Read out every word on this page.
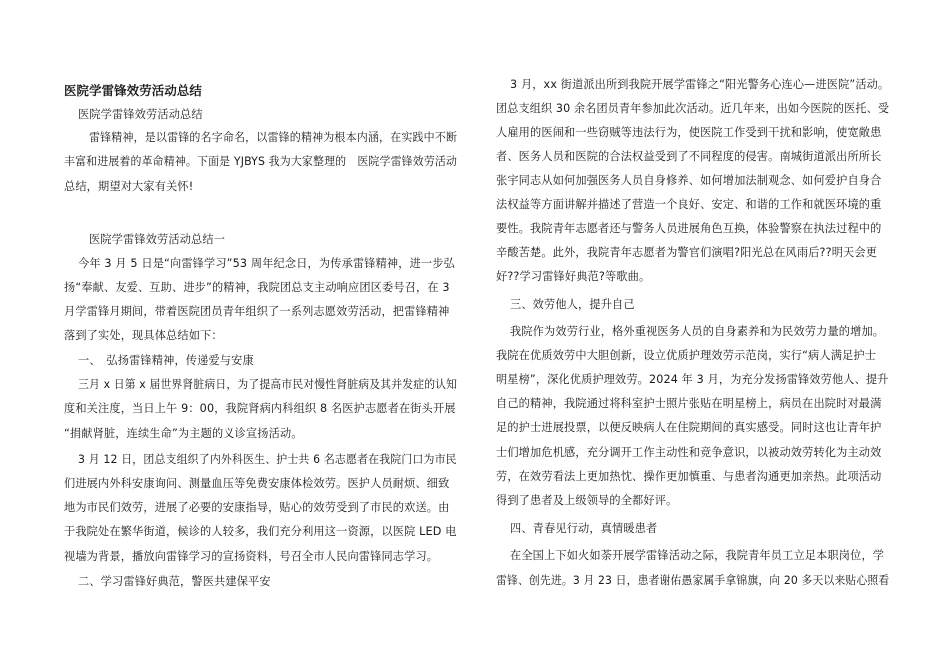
医院学雷锋效劳活动总结
医院学雷锋效劳活动总结
雷锋精神，是以雷锋的名字命名，以雷锋的精神为根本内涵，在实践中不断
丰富和进展着的革命精神。下面是 YJBYS 我为大家整理的　医院学雷锋效劳活动
总结，期望对大家有关怀!
医院学雷锋效劳活动总结一
今年 3 月 5 日是“向雷锋学习”53 周年纪念日，为传承雷锋精神，进一步弘
扬“奉献、友爱、互助、进步”的精神，我院团总支主动响应团区委号召，在 3
月学雷锋月期间，带着医院团员青年组织了一系列志愿效劳活动，把雷锋精神
落到了实处，现具体总结如下：
一、　弘扬雷锋精神，传递爱与安康
三月 x 日第 x 届世界肾脏病日，为了提高市民对慢性肾脏病及其并发症的认知
度和关注度，当日上午 9：00，我院肾病内科组织 8 名医护志愿者在街头开展
“捐献肾脏，连续生命”为主题的义诊宣扬活动。
3 月 12 日，团总支组织了内外科医生、护士共 6 名志愿者在我院门口为市民
们进展内外科安康询问、测量血压等免费安康体检效劳。医护人员耐烦、细致
地为市民们效劳，进展了必要的安康指导，贴心的效劳受到了市民的欢送。由
于我院处在繁华街道，候诊的人较多，我们充分利用这一资源，以医院 LED 电
视墙为背景，播放向雷锋学习的宣扬资料，号召全市人民向雷锋同志学习。
二、学习雷锋好典范，警医共建保平安
3 月，xx 街道派出所到我院开展学雷锋之“阳光警务心连心—进医院”活动。
团总支组织 30 余名团员青年参加此次活动。近几年来，出如今医院的医托、受
人雇用的医闹和一些窃贼等违法行为，使医院工作受到干扰和影响，使宽敞患
者、医务人员和医院的合法权益受到了不同程度的侵害。南城街道派出所所长
张宇同志从如何加强医务人员自身修养、如何增加法制观念、如何爱护自身合
法权益等方面讲解并描述了营造一个良好、安定、和谐的工作和就医环境的重
要性。我院青年志愿者还与警务人员进展角色互换，体验警察在执法过程中的
辛酸苦楚。此外，我院青年志愿者为警官们演唱?阳光总在风雨后??明天会更
好??学习雷锋好典范?等歌曲。
三、效劳他人，提升自己
我院作为效劳行业，格外重视医务人员的自身素养和为民效劳力量的增加。
我院在优质效劳中大胆创新，设立优质护理效劳示范岗，实行“病人满足护士
明星榜”，深化优质护理效劳。2024 年 3 月，为充分发扬雷锋效劳他人、提升
自己的精神，我院通过将科室护士照片张贴在明星榜上，病员在出院时对最满
足的护士进展投票，以便反映病人在住院期间的真实感受。同时这也让青年护
士们增加危机感，充分调开工作主动性和竞争意识，以被动效劳转化为主动效
劳，在效劳看法上更加热忱、操作更加慎重、与患者沟通更加亲热。此项活动
得到了患者及上级领导的全都好评。
四、青春见行动，真情暖患者
在全国上下如火如荼开展学雷锋活动之际，我院青年员工立足本职岗位，学
雷锋、创先进。3 月 23 日，患者谢佑愚家属手拿锦旗，向 20 多天以来贴心照看
